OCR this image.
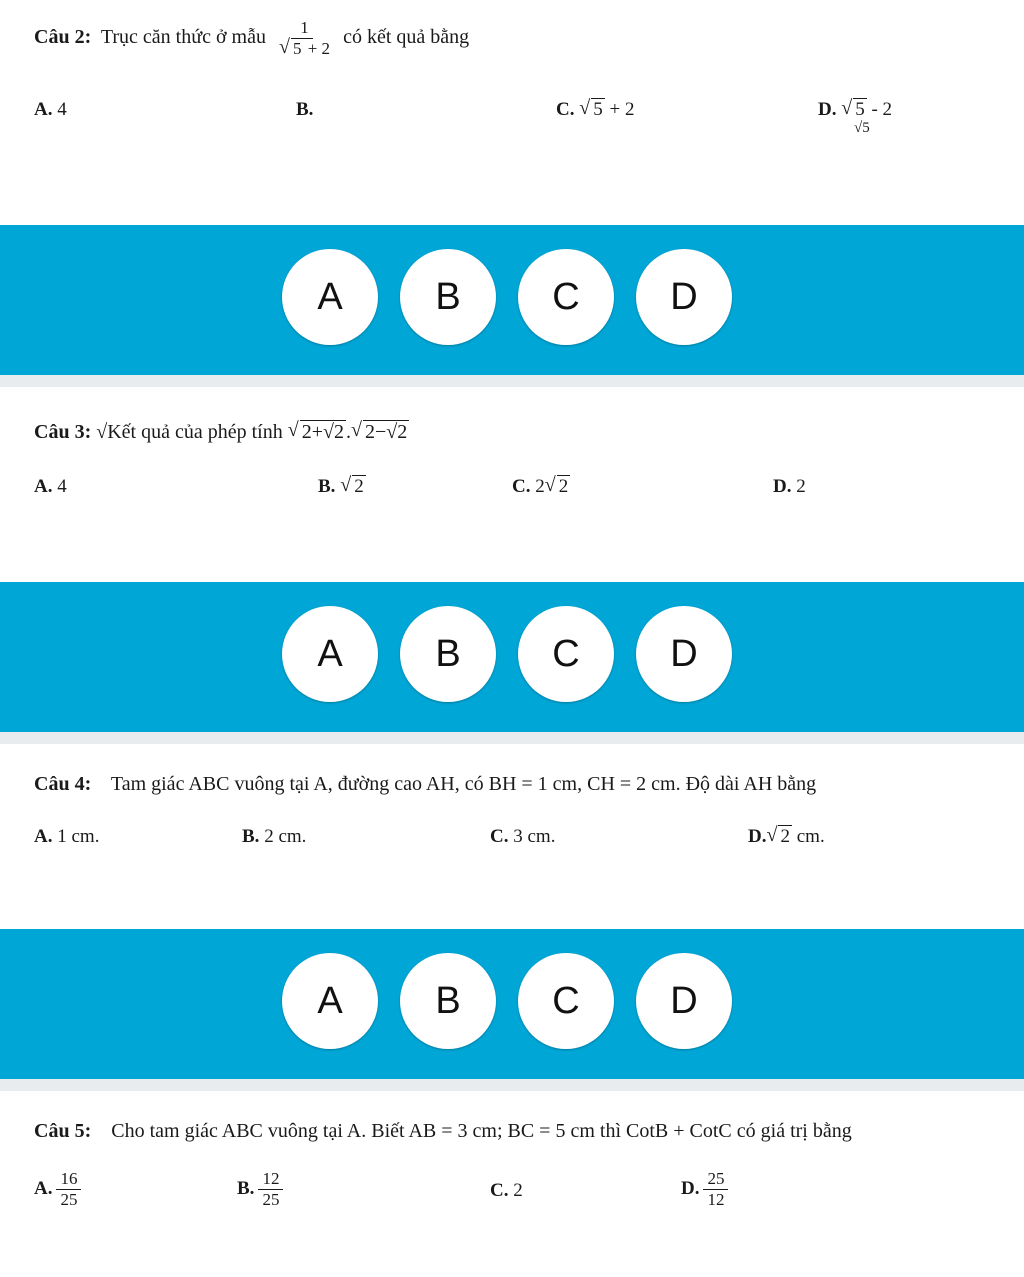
Câu 2: Trục căn thức ở mẫu 1
√ 5 + 2 có kết quả bằng
A. 4	B.	C. √ 5 + 2	D. √ 5 - 2
√5
A	B	C	D
Câu 3: √Kết quả của phép tính √ 2+√2 . √ 2−√2
A. 4	B. √ 2	C. 2 √ 2	D. 2
A	B	C	D
Câu 4: Tam giác ABC vuông tại A, đường cao AH, có BH = 1 cm, CH = 2 cm. Độ dài AH bằng
A. 1 cm.	B. 2 cm.	C. 3 cm.	D. √ 2 cm.
A	B	C	D
Câu 5: Cho tam giác ABC vuông tại A. Biết AB = 3 cm; BC = 5 cm thì CotB + CotC có giá trị bằng
A. $\frac{16}{25}$	B. $\frac{12}{25}$	C. 2	D. $\frac{25}{12}$
